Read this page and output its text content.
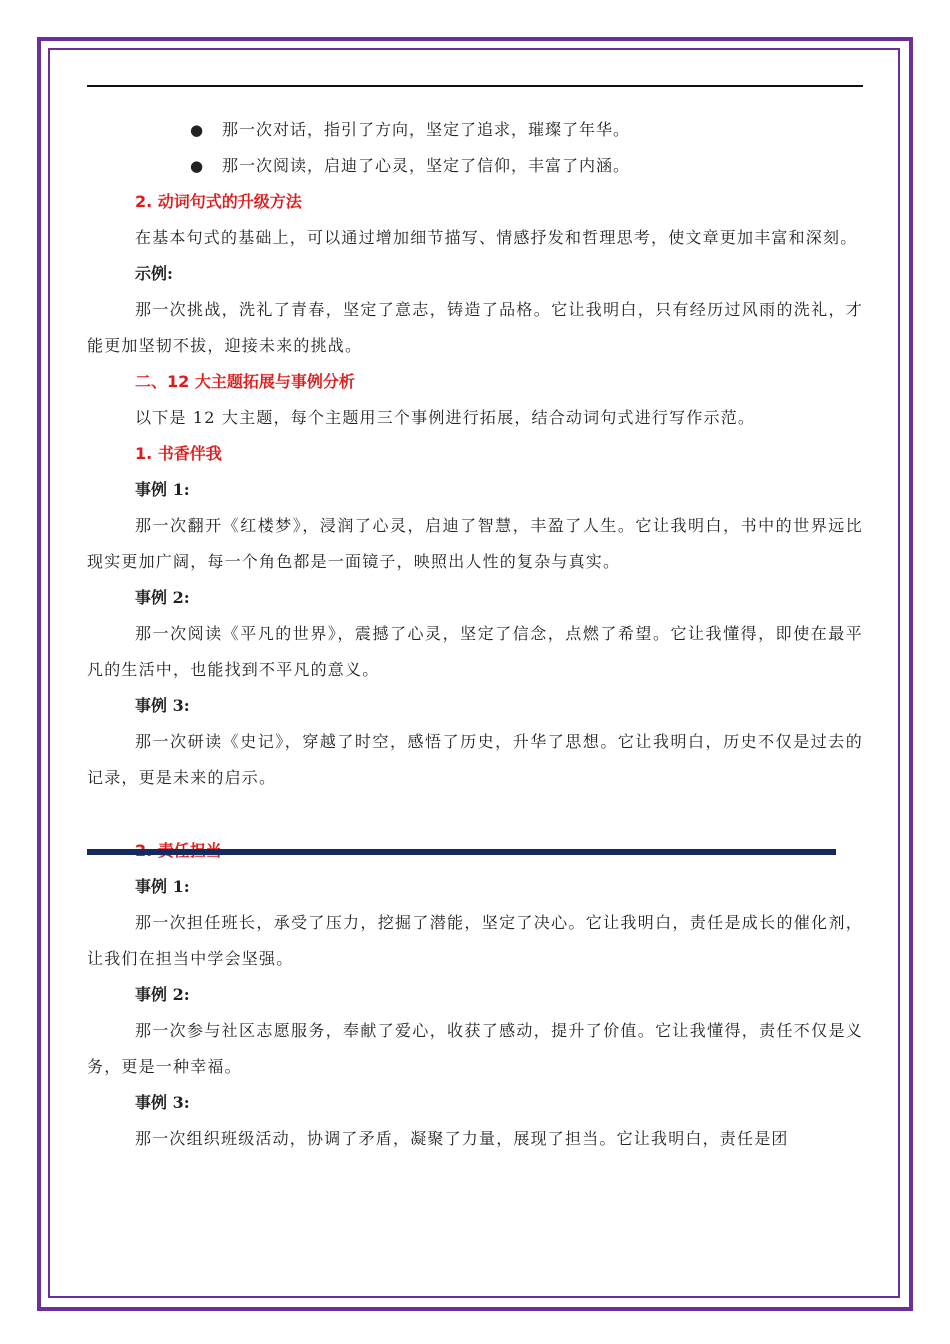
● 那一次对话，指引了方向，坚定了追求，璀璨了年华。
● 那一次阅读，启迪了心灵，坚定了信仰，丰富了内涵。
2. 动词句式的升级方法

在基本句式的基础上，可以通过增加细节描写、情感抒发和哲理思考，使文章更加丰富和深刻。

示例:

那一次挑战，洗礼了青春，坚定了意志，铸造了品格。它让我明白，只有经历过风雨的洗礼，才能更加坚韧不拔，迎接未来的挑战。

二、12 大主题拓展与事例分析

以下是 12 大主题，每个主题用三个事例进行拓展，结合动词句式进行写作示范。

1. 书香伴我
事例 1:

那一次翻开《红楼梦》，浸润了心灵，启迪了智慧，丰盈了人生。它让我明白，书中的世界远比现实更加广阔，每一个角色都是一面镜子，映照出人性的复杂与真实。

事例 2:

那一次阅读《平凡的世界》，震撼了心灵，坚定了信念，点燃了希望。它让我懂得，即使在最平凡的生活中，也能找到不平凡的意义。

事例 3:

那一次研读《史记》，穿越了时空，感悟了历史，升华了思想。它让我明白，历史不仅是过去的记录，更是未来的启示。

事例 1:

那一次担任班长，承受了压力，挖掘了潜能，坚定了决心。它让我明白，责任是成长的催化剂，让我们在担当中学会坚强。

事例 2:

那一次参与社区志愿服务，奉献了爱心，收获了感动，提升了价值。它让我懂得，责任不仅是义务，更是一种幸福。

事例 3:

那一次组织班级活动，协调了矛盾，凝聚了力量，展现了担当。它让我明白，责任是团
